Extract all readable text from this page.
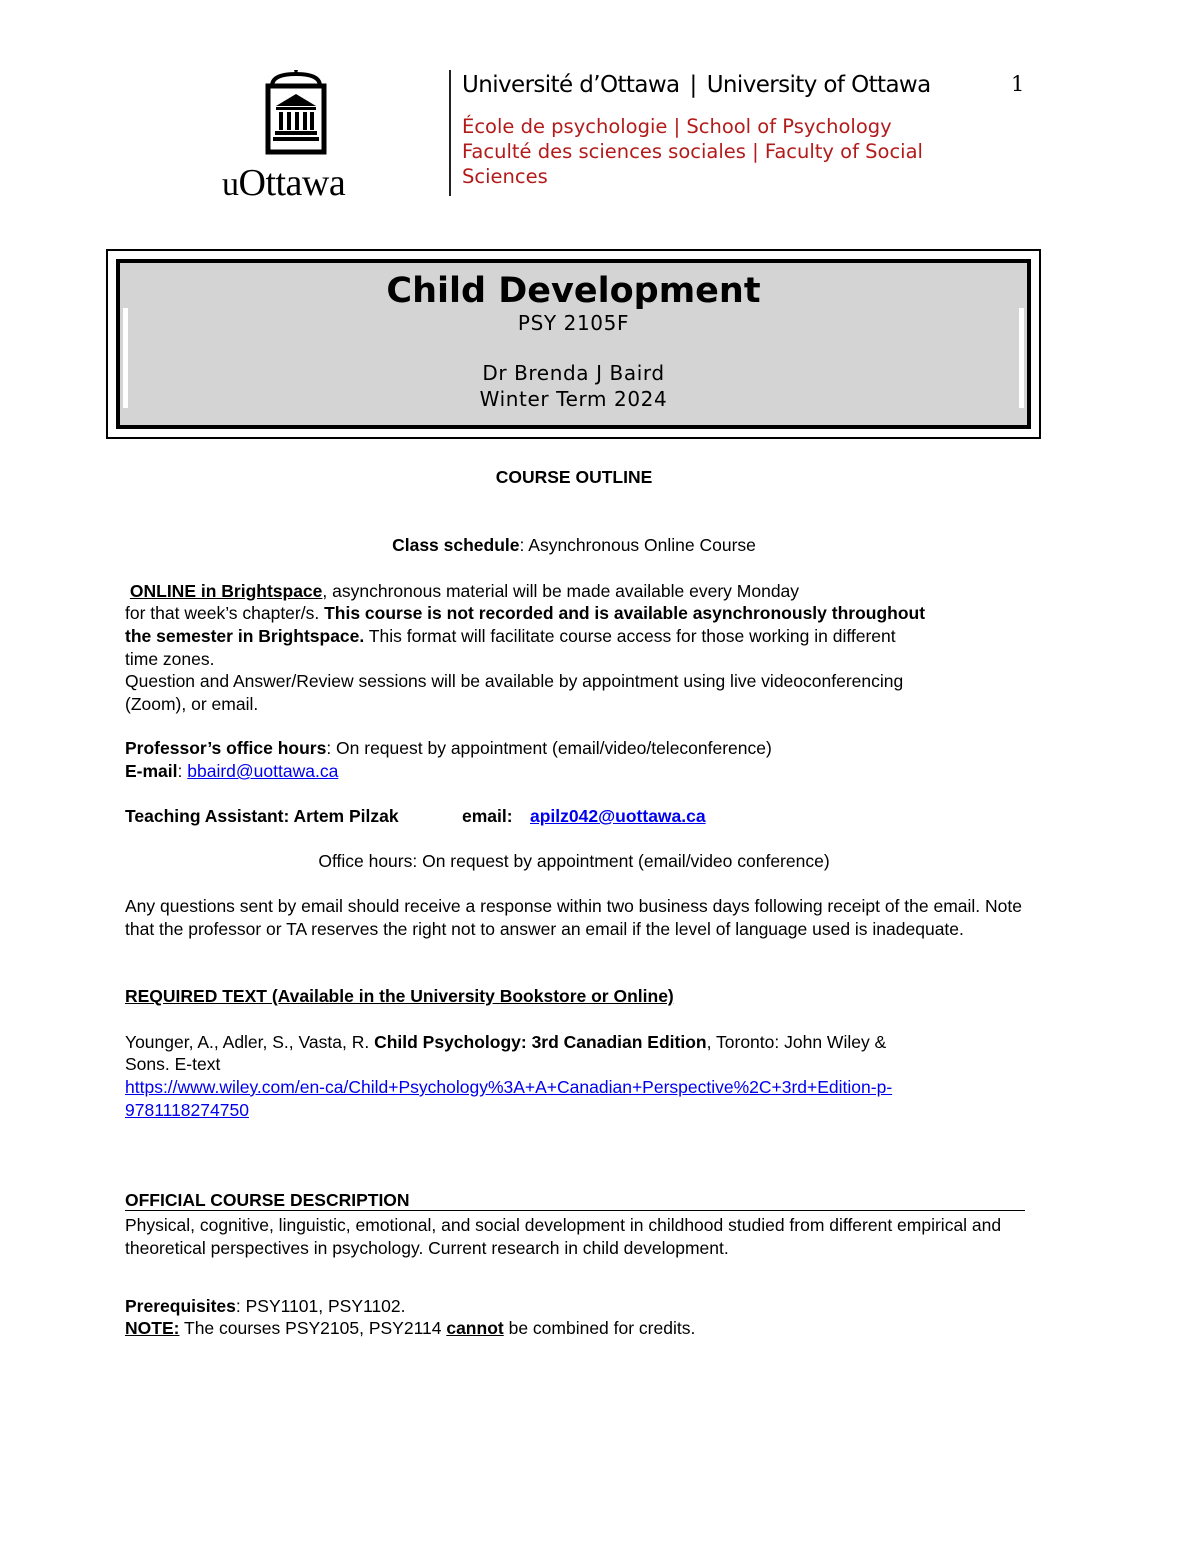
uOttawa
Université d’Ottawa | University of Ottawa
École de psychologie | School of Psychology
Faculté des sciences sociales | Faculty of Social Sciences
1
Child Development
PSY 2105F
Dr Brenda J Baird
Winter Term 2024
COURSE OUTLINE
Class schedule: Asynchronous Online Course
ONLINE in Brightspace, asynchronous material will be made available every Monday
for that week’s chapter/s. This course is not recorded and is available asynchronously throughout
the semester in Brightspace. This format will facilitate course access for those working in different
time zones.
Question and Answer/Review sessions will be available by appointment using live videoconferencing
(Zoom), or email.
Professor’s office hours: On request by appointment (email/video/teleconference)
E-mail: bbaird@uottawa.ca
Teaching Assistant: Artem Pilzak	email: apilz042@uottawa.ca
Office hours: On request by appointment (email/video conference)
Any questions sent by email should receive a response within two business days following receipt of the email. Note that the professor or TA reserves the right not to answer an email if the level of language used is inadequate.
REQUIRED TEXT (Available in the University Bookstore or Online)
Younger, A., Adler, S., Vasta, R. Child Psychology: 3rd Canadian Edition, Toronto: John Wiley &
Sons. E-text
https://www.wiley.com/en-ca/Child+Psychology%3A+A+Canadian+Perspective%2C+3rd+Edition-p-
9781118274750
OFFICIAL COURSE DESCRIPTION
Physical, cognitive, linguistic, emotional, and social development in childhood studied from different empirical and theoretical perspectives in psychology. Current research in child development.
Prerequisites: PSY1101, PSY1102.
NOTE: The courses PSY2105, PSY2114 cannot be combined for credits.
